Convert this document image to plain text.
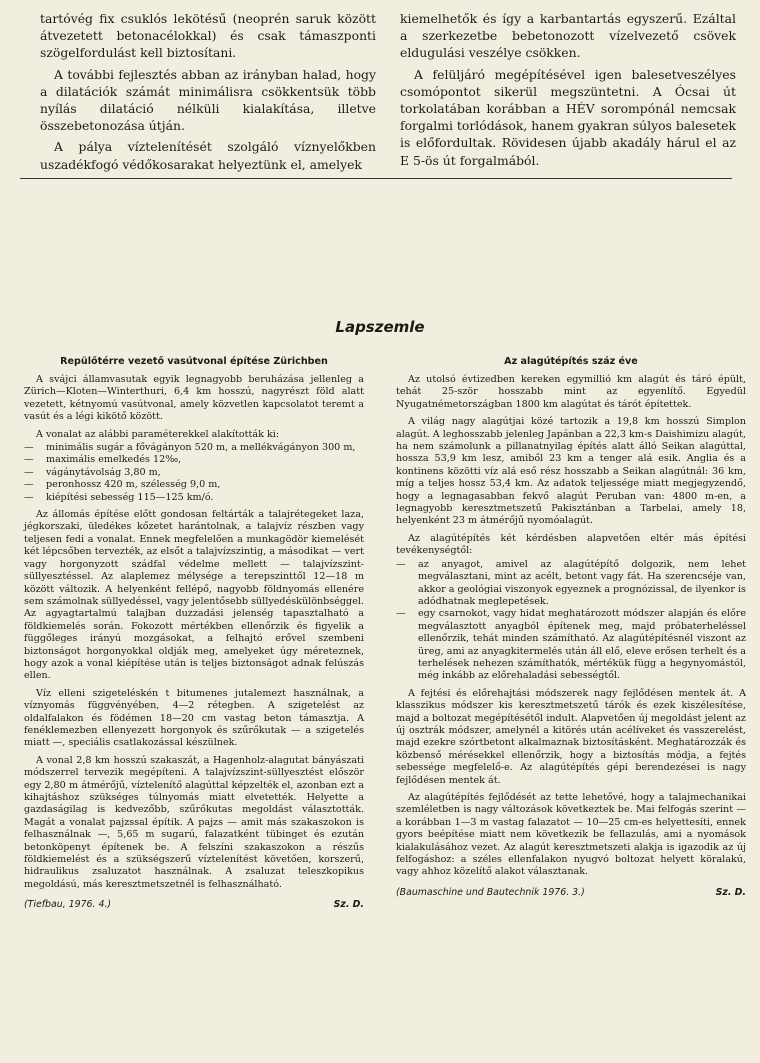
tartóvég fix csuklós lekötésű (neoprén saruk között átvezetett betonacélokkal) és csak támaszponti szögelfordulást kell biztosítani.

A további fejlesztés abban az irányban halad, hogy a dilatációk számát minimálisra csökkentsük több nyílás dilatáció nélküli kialakítása, illetve összebetonozása útján.

A pálya víztelenítését szolgáló víznyelőkben uszadékfogó védőkosarakat helyeztünk el, amelyek

kiemelhetők és így a karbantartás egyszerű. Ezáltal a szerkezetbe bebetonozott vízelvezető csövek eldugulási veszélye csökken.

A felüljáró megépítésével igen balesetveszélyes csomópontot sikerül megszüntetni. A Ócsai út torkolatában korábban a HÉV sorompónál nemcsak forgalmi torlódások, hanem gyakran súlyos balesetek is előfordultak. Rövidesen újabb akadály hárul el az E 5-ös út forgalmából.

Lapszemle
Repülőtérre vezető vasútvonal építése Zürichben

A svájci államvasutak egyik legnagyobb beruházása jellenleg a Zürich—Kloten—Winterthuri, 6,4 km hosszú, nagyrészt föld alatt vezetett, kétnyomú vasútvonal, amely közvetlen kapcsolatot teremt a vasút és a légi kikötő között.

A vonalat az alábbi paraméterekkel alakították ki:

— minimális sugár a fővágányon 520 m, a mellékvágányon 300 m,
— maximális emelkedés 12‰,
— vágánytávolság 3,80 m,
— peronhossz 420 m, szélesség 9,0 m,
— kiépítési sebesség 115—125 km/ó.

Az állomás építése előtt gondosan feltárták a talajrétegeket laza, jégkorszaki, üledékes kőzetet harántolnak, a talajvíz részben vagy teljesen fedi a vonalat. Ennek megfelelően a munkagödör kiemelését két lépcsőben tervezték, az elsőt a talajvízszintig, a másodikat — vert vagy horgonyzott szádfal védelme mellett — talajvízszint-süllyesztéssel. Az alaplemez mélysége a terepszinttől 12—18 m között változik. A helyenként fellépő, nagyobb földnyomás ellenére sem számolnak süllyedéssel, vagy jelentősebb süllyedéskülönbséggel. Az agyagtartalmú talajban duzzadási jelenség tapasztalható a földkiemelés során. Fokozott mértékben ellenőrzik és figyelik a függőleges irányú mozgásokat, a felhajtó erővel szembeni biztonságot horgonyokkal oldják meg, amelyeket úgy méreteznek, hogy azok a vonal kiépítése után is teljes biztonságot adnak felúszás ellen.

Víz elleni szigeteléskén t bitumenes jutalemezt használnak, a víznyomás függvényében, 4—2 rétegben. A szigetelést az oldalfalakon és födémen 18—20 cm vastag beton támasztja. A fenéklemezben ellenyezett horgonyok és szűrőkutak — a szigetelés miatt —, speciális csatlakozással készülnek.

A vonal 2,8 km hosszú szakaszát, a Hagenholz-alagutat bányászati módszerrel tervezik megépíteni. A talajvízszint-süllyesztést először egy 2,80 m átmérőjű, víztelenítő alagúttal képzelték el, azonban ezt a kihajtáshoz szükséges túlnyomás miatt elvetették. Helyette a gazdaságilag is kedvezőbb, szűrőkutas megoldást választották. Magát a vonalat pajzssal építik. A pajzs — amit más szakaszokon is felhasználnak —, 5,65 m sugarú, falazatként tübinget és ezután betonköpenyt építenek be. A felszíni szakaszokon a részűs földkiemelést és a szükségszerű víztelenítést követően, korszerű, hidraulikus zsaluzatot használnak. A zsaluzat teleszkopikus megoldású, más keresztmetszetnél is felhasználható.

(Tiefbau, 1976. 4.)	Sz. D.
Az alagútépítés száz éve

Az utolsó évtizedben kereken egymillió km alagút és táró épült, tehát 25-ször hosszabb mint az egyenlítő. Egyedül Nyugatnémetországban 1800 km alagútat és tárót építettek.

A világ nagy alagútjai közé tartozik a 19,8 km hosszú Simplon alagút. A leghosszabb jelenleg Japánban a 22,3 km-s Daishimizu alagút, ha nem számolunk a pillanatnyilag építés alatt álló Seikan alagúttal, hossza 53,9 km lesz, amiből 23 km a tenger alá esik. Anglia és a kontinens közötti víz alá eső rész hosszabb a Seikan alagútnál: 36 km, míg a teljes hossz 53,4 km. Az adatok teljessége miatt megjegyzendő, hogy a legnagasabban fekvő alagút Peruban van: 4800 m-en, a legnagyobb keresztmetszetű Pakisztánban a Tarbelai, amely 18, helyenként 23 m átmérőjű nyomóalagút.

Az alagútépítés két kérdésben alapvetően eltér más építési tevékenységtől:

— az anyagot, amivel az alagútépítő dolgozik, nem lehet megválasztani, mint az acélt, betont vagy fát. Ha szerencséje van, akkor a geológiai viszonyok egyeznek a prognózissal, de ilyenkor is adódhatnak meglepetések.
— egy csarnokot, vagy hidat meghatározott módszer alapján és előre megválasztott anyagból építenek meg, majd próbaterheléssel ellenőrzik, tehát minden számítható. Az alagútépítésnél viszont az üreg, ami az anyagkitermelés után áll elő, eleve erősen terhelt és a terhelések nehezen számíthatók, mértékük függ a hegynyomástól, még inkább az előrehaladási sebességtől.

A fejtési és előrehajtási módszerek nagy fejlődésen mentek át. A klasszikus módszer kis keresztmetszetű tárók és ezek kiszélesítése, majd a boltozat megépítésétől indult. Alapvetően új megoldást jelent az új osztrák módszer, amelynél a kitörés után acélíveket és vasszerelést, majd ezekre szórtbetont alkalmaznak biztosításként. Meghatározzák és közbenső mérésekkel ellenőrzik, hogy a biztosítás módja, a fejtés sebessége megfelelő-e. Az alagútépítés gépi berendezései is nagy fejlődésen mentek át.

Az alagútépítés fejlődését az tette lehetővé, hogy a talajmechanikai szemléletben is nagy változások következtek be. Mai felfogás szerint — a korábban 1—3 m vastag falazatot — 10—25 cm-es helyettesíti, ennek gyors beépítése miatt nem következik be fellazulás, ami a nyomások kialakulásához vezet. Az alagút keresztmetszeti alakja is igazodik az új felfogáshoz: a széles ellenfalakon nyugvó boltozat helyett köralakú, vagy ahhoz közelítő alakot választanak.

(Baumaschine und Bautechnik 1976. 3.)	Sz. D.
